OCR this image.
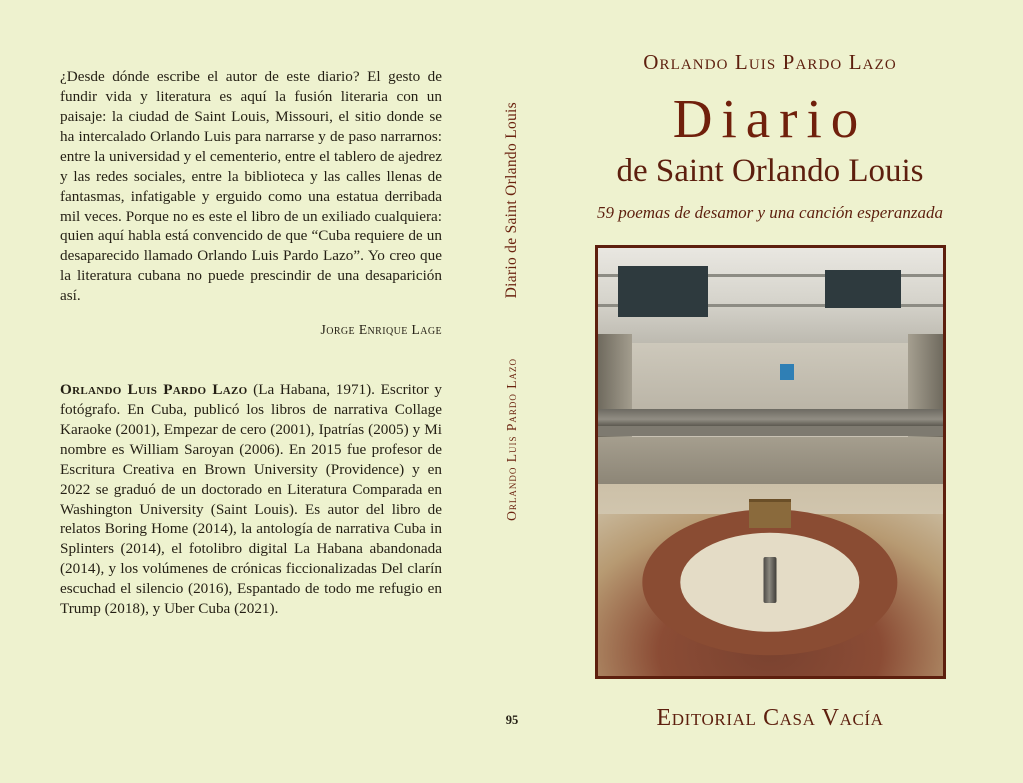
¿Desde dónde escribe el autor de este diario? El gesto de fundir vida y literatura es aquí la fusión literaria con un paisaje: la ciudad de Saint Louis, Missouri, el sitio donde se ha intercalado Orlando Luis para narrarse y de paso narrarnos: entre la universidad y el cementerio, entre el tablero de ajedrez y las redes sociales, entre la biblioteca y las calles llenas de fantasmas, infatigable y erguido como una estatua derribada mil veces. Porque no es este el libro de un exiliado cualquiera: quien aquí habla está convencido de que “Cuba requiere de un desaparecido llamado Orlando Luis Pardo Lazo”. Yo creo que la literatura cubana no puede prescindir de una desaparición así.

Jorge Enrique Lage

Orlando Luis Pardo Lazo (La Habana, 1971). Escritor y fotógrafo. En Cuba, publicó los libros de narrativa Collage Karaoke (2001), Empezar de cero (2001), Ipatrías (2005) y Mi nombre es William Saroyan (2006). En 2015 fue profesor de Escritura Creativa en Brown University (Providence) y en 2022 se graduó de un doctorado en Literatura Comparada en Washington University (Saint Louis). Es autor del libro de relatos Boring Home (2014), la antología de narrativa Cuba in Splinters (2014), el fotolibro digital La Habana abandonada (2014), y los volúmenes de crónicas ficcionalizadas Del clarín escuchad el silencio (2016), Espantado de todo me refugio en Trump (2018), y Uber Cuba (2021).

Diario de Saint Orlando Louis
Orlando Luis Pardo Lazo
95
Orlando Luis Pardo Lazo
Diario
de Saint Orlando Louis
59 poemas de desamor y una canción esperanzada
Editorial Casa Vacía
